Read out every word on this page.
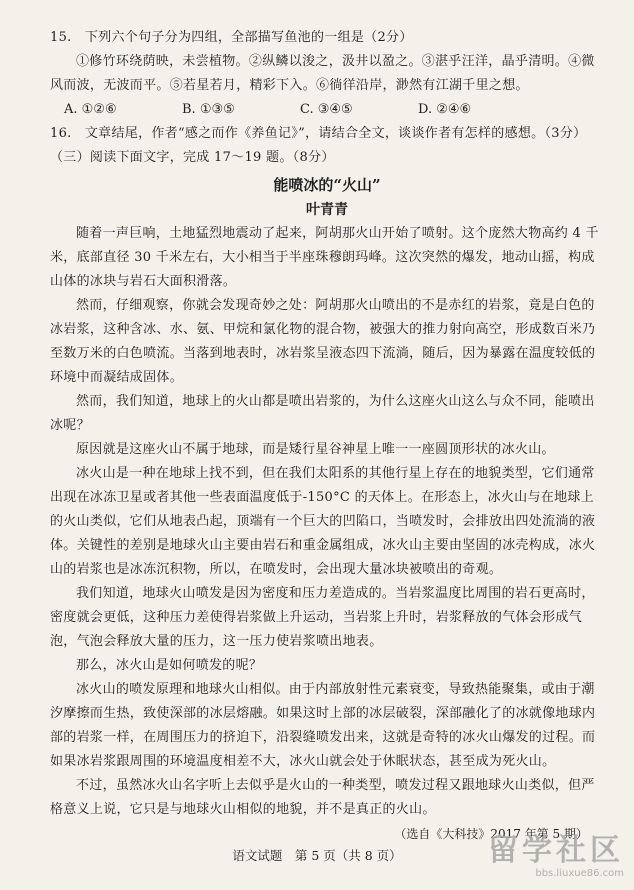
15.　下列六个句子分为四组，全部描写鱼池的一组是（2分）

①修竹环绕荫映，未尝植物。②纵鳞以浚之，汲井以盈之。③湛乎汪洋，晶乎清明。④微风而波，无波而平。⑤若星若月，精彩下入。⑥徜徉沿岸，渺然有江湖千里之想。

A. ①②⑥	B. ①③⑤	C. ③④⑤	D. ②④⑥

16.　文章结尾，作者“感之而作《养鱼记》”，请结合全文，谈谈作者有怎样的感想。（3分）

（三）阅读下面文字，完成 17～19 题。（8分）

能喷冰的“火山”
叶青青

随着一声巨响，土地猛烈地震动了起来，阿胡那火山开始了喷射。这个庞然大物高约 4 千米，底部直径 30 千米左右，大小相当于半座珠穆朗玛峰。这次突然的爆发，地动山摇，构成山体的冰块与岩石大面积滑落。

然而，仔细观察，你就会发现奇妙之处：阿胡那火山喷出的不是赤红的岩浆，竟是白色的冰岩浆，这种含冰、水、氨、甲烷和氯化物的混合物，被强大的推力射向高空，形成数百米乃至数万米的白色喷流。当落到地表时，冰岩浆呈液态四下流淌，随后，因为暴露在温度较低的环境中而凝结成固体。

然而，我们知道，地球上的火山都是喷出岩浆的，为什么这座火山这么与众不同，能喷出冰呢？

原因就是这座火山不属于地球，而是矮行星谷神星上唯一一座圆顶形状的冰火山。

冰火山是一种在地球上找不到，但在我们太阳系的其他行星上存在的地貌类型，它们通常出现在冰冻卫星或者其他一些表面温度低于-150°C 的天体上。在形态上，冰火山与在地球上的火山类似，它们从地表凸起，顶端有一个巨大的凹陷口，当喷发时，会排放出四处流淌的液体。关键性的差别是地球火山主要由岩石和重金属组成，冰火山主要由坚固的冰壳构成，冰火山的岩浆也是冰冻沉积物，所以，在喷发时，会出现大量冰块被喷出的奇观。

我们知道，地球火山喷发是因为密度和压力差造成的。当岩浆温度比周围的岩石更高时，密度就会更低，这种压力差使得岩浆做上升运动，当岩浆上升时，岩浆释放的气体会形成气泡，气泡会释放大量的压力，这一压力使岩浆喷出地表。

那么，冰火山是如何喷发的呢？

冰火山的喷发原理和地球火山相似。由于内部放射性元素衰变，导致热能聚集，或由于潮汐摩擦而生热，致使深部的冰层熔融。如果这时上部的冰层破裂，深部融化了的冰就像地球内部的岩浆一样，在周围压力的挤迫下，沿裂缝喷发出来，这就是奇特的冰火山爆发的过程。而如果冰岩浆跟周围的环境温度相差不大，冰火山就会处于休眠状态，甚至成为死火山。

不过，虽然冰火山名字听上去似乎是火山的一种类型，喷发过程又跟地球火山类似，但严格意义上说，它只是与地球火山相似的地貌，并不是真正的火山。

（选自《大科技》2017 年第 5 期）
语文试题　第 5 页（共 8 页）	留学社区
bbs.liuxue86.com
